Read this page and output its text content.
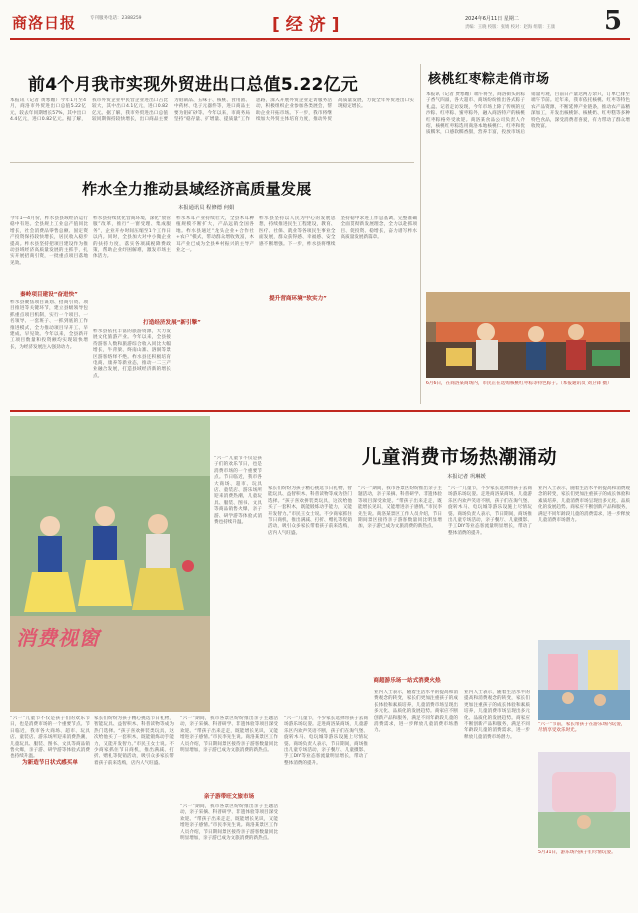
商洛日报	专刊服务电话：2388259	[经济]	2024年6月11日 星期二
责编：王晓 校版：张婧 校对：赵海 组版：王康 5
前4个月我市实现外贸进出口总值5.22亿元
本报讯（记者 黄寒媚）今年1月至4月，商洛市外贸进出口总值5.22亿元，较去年同期增长57%，其中出口4.4亿元，进口0.82亿元。据了解，我市外贸企业中民营企业进出口占比较大，其中出口4.1亿元，进口0.82亿元。据了解，我市外贸进出口总值较同期保持较快增长，出口商品主要为钼制品、五味子、核桃、食用菌、中药材、电子元器件等，进口商品主要为钼矿砂等。今年以来，市商务局坚持“稳存量、扩增量、提质量”工作思路，深入开展外贸企业走访服务活动，积极组织企业参加各类展会，帮助企业开拓市场。下一步，我市将继续加大外贸主体培育力度，推动外贸高质量发展，力促全年外贸进出口实现稳定增长。
核桃红枣粽走俏市场
本报讯（记者 贾寒媚）端午将至，商洛街头的粽子香气四溢，各大超市、商场纷纷推出各式粽子礼盒。记者走访发现，今年市场上除了传统的豆沙粽、红枣粽、蜜枣粽外，融入商洛特产的核桃红枣粽格外受欢迎。商洛某食品公司负责人介绍，核桃红枣粽选用商洛本地核桃仁、红枣和优质糯米，口感软糯香甜，营养丰富，投放市场后销量可观，目前日产量达两万余只，订单已排至端午节前。近年来，我市依托核桃、红枣等特色农产品资源，不断延伸产业链条，推动农产品精深加工，开发出核桃饼、核桃奶、红枣糕等多种特色食品，深受消费者喜爱，有力带动了群众增收致富。
6月6日，在商洛某商场内，市民正在选购核桃红枣粽等特色粽子。（本报通讯员 刘卫锋 摄）
柞水全力推动县域经济高质量发展
本报通讯员 程修德 何娟
今年1—4月份，柞水县县域经济运行稳中有进。全县规上工业总产值同比增长，社会消费品零售总额、固定资产投资保持较快增长，居民收入稳步提高。柞水县坚持把项目建设作为推动县域经济高质量发展的主抓手，扎实开展招商引资，一批重点项目落地见效。
秦岭项目建设“奋进快”
柞水县聚焦项目谋划、招商引资、项目推进等关键环节，建立县级领导包抓重点项目机制，实行一个项目、一名领导、一套班子、一抓到底的工作推进模式，全力推动项目早开工、早建成、早见效。今年以来，全县新开工项目数量和投资额均实现较快增长，为经济发展注入强劲动力。
柞水县持续优化营商环境，深化“放管服”改革，推行“一窗受理、集成服务”，企业开办时间压缩至1个工作日以内。同时，全县加大对中小微企业的扶持力度，落实各项减税降费政策，帮助企业纾困解难，激发市场主体活力。
打造经济发展“新引擎”
柞水县依托丰富的旅游资源，大力发展文化旅游产业。今年以来，全县接待游客人数和旅游综合收入同比大幅增长，牛背梁、终南山寨、溶洞等景区游客络绎不绝。柞水县还积极培育电商、康养等新业态，推动一二三产业融合发展，打造县域经济新的增长点。
柞水木耳产业持续壮大，全县木耳种植规模不断扩大，产品远销全国各地。柞水县通过“龙头企业+合作社+农户”模式，带动群众增收致富，木耳产业已成为全县乡村振兴的主导产业之一。
提升营商环境“软实力”
柞水县坚持以人民为中心的发展思想，持续推进民生工程建设，教育、医疗、社保、就业等各项民生事业全面发展，群众获得感、幸福感、安全感不断增强。下一步，柞水县将继续坚持稳中求进工作总基调，完整准确全面贯彻新发展理念，全力以赴抓项目、促投资、稳增长，奋力谱写柞水高质量发展新篇章。
消费视窗
儿童消费市场热潮涌动
本报记者 巩琳媛
“六一”儿童节不仅是孩子们的欢乐节日，也是消费市场的一个重要节点。节日临近，我市各大商场、超市、玩具店、童装店、游乐场所迎来消费热潮，儿童玩具、服装、图书、文具等商品销售火爆，亲子游、研学游等体验式消费也持续升温。
家长们纷纷为孩子精心挑选节日礼物，智能玩具、益智积木、科普读物等成为热门选择。“孩子喜欢拼装类玩具，这次给他买了一套积木，既能锻炼动手能力，又能开发智力。”市民王女士说。不少商家抓住节日商机，推出满减、打折、赠礼等促销活动，吸引众多家长带着孩子前来选购，店内人气旺盛。
“六一”期间，我市各景区纷纷推出亲子主题活动，亲子采摘、科普研学、非遗体验等项目深受欢迎。“带孩子出来走走，既能增长见识，又能增进亲子感情。”市民李先生说。商洛某景区工作人员介绍，节日期间景区接待亲子游客数量同比明显增加，亲子游已成为文旅消费的新热点。
“六一”儿童节，不少家长选择带孩子去商场游乐场玩耍。走进商洛某商场，儿童游乐区内欢声笑语不断，孩子们在淘气堡、旋转木马、电玩城等游乐设施上尽情玩耍。商场负责人表示，节日期间，商场推出儿童专场活动，亲子餐厅、儿童摄影、手工DIY等业态客流量明显增长，带动了整体消费的提升。
业内人士表示，随着生活水平的提高和消费观念的转变，家长们更加注重孩子的成长体验和素质培养，儿童消费市场呈现出多元化、品质化的发展趋势。商家应不断创新产品和服务，满足不同年龄段儿童的消费需求，进一步释放儿童消费市场潜力。
“六一”儿童节不仅是孩子们的欢乐节日，也是消费市场的一个重要节点。节日临近，我市各大商场、超市、玩具店、童装店、游乐场所迎来消费热潮，儿童玩具、服装、图书、文具等商品销售火爆，亲子游、研学游等体验式消费也持续升温。
为新造节日状式感买单
家长们纷纷为孩子精心挑选节日礼物，智能玩具、益智积木、科普读物等成为热门选择。“孩子喜欢拼装类玩具，这次给他买了一套积木，既能锻炼动手能力，又能开发智力。”市民王女士说。不少商家抓住节日商机，推出满减、打折、赠礼等促销活动，吸引众多家长带着孩子前来选购，店内人气旺盛。
亲子游带旺文旅市场
“六一”期间，我市各景区纷纷推出亲子主题活动，亲子采摘、科普研学、非遗体验等项目深受欢迎。“带孩子出来走走，既能增长见识，又能增进亲子感情。”市民李先生说。商洛某景区工作人员介绍，节日期间景区接待亲子游客数量同比明显增加，亲子游已成为文旅消费的新热点。
“六一”期间，我市各景区纷纷推出亲子主题活动，亲子采摘、科普研学、非遗体验等项目深受欢迎。“带孩子出来走走，既能增长见识，又能增进亲子感情。”市民李先生说。商洛某景区工作人员介绍，节日期间景区接待亲子游客数量同比明显增加，亲子游已成为文旅消费的新热点。
商超游乐场一站式消费火热
“六一”儿童节，不少家长选择带孩子去商场游乐场玩耍。走进商洛某商场，儿童游乐区内欢声笑语不断，孩子们在淘气堡、旋转木马、电玩城等游乐设施上尽情玩耍。商场负责人表示，节日期间，商场推出儿童专场活动，亲子餐厅、儿童摄影、手工DIY等业态客流量明显增长，带动了整体消费的提升。
业内人士表示，随着生活水平的提高和消费观念的转变，家长们更加注重孩子的成长体验和素质培养，儿童消费市场呈现出多元化、品质化的发展趋势。商家应不断创新产品和服务，满足不同年龄段儿童的消费需求，进一步释放儿童消费市场潜力。
业内人士表示，随着生活水平的提高和消费观念的转变，家长们更加注重孩子的成长体验和素质培养，儿童消费市场呈现出多元化、品质化的发展趋势。商家应不断创新产品和服务，满足不同年龄段儿童的消费需求，进一步释放儿童消费市场潜力。
“六一”节前，家长带孩子在游乐场内玩耍，尽情享受欢乐时光。
5月31日，游乐场内孩子们尽情玩耍。
